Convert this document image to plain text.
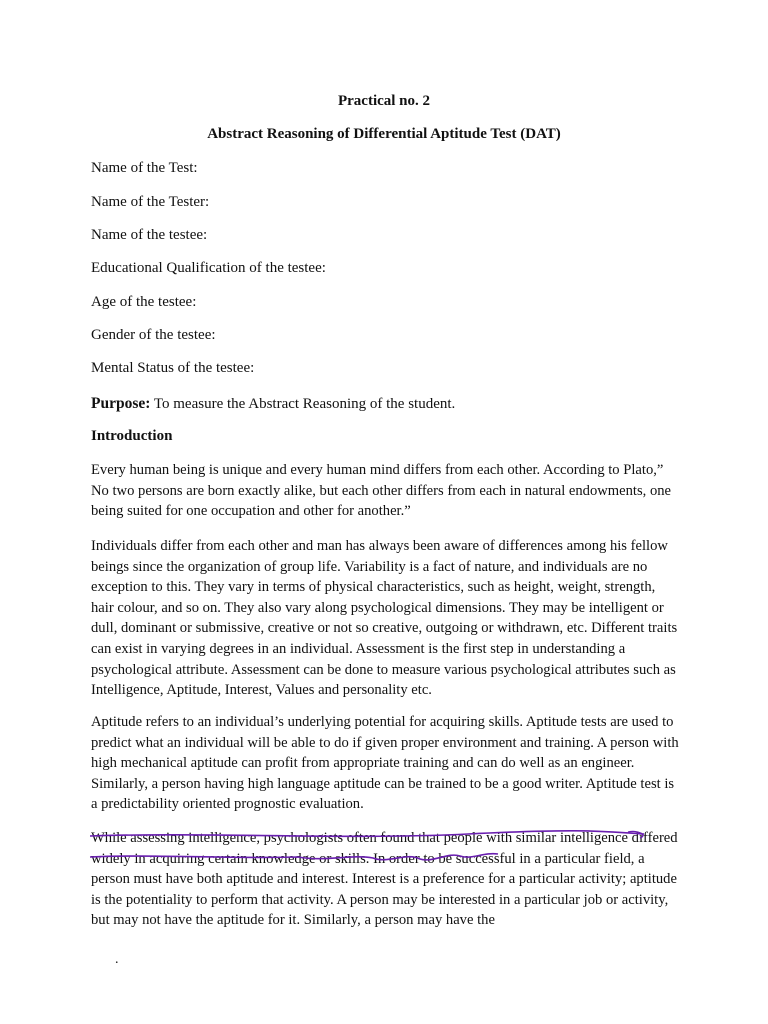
Practical no. 2

Abstract Reasoning of Differential Aptitude Test (DAT)

Name of the Test:

Name of the Tester:

Name of the testee:

Educational Qualification of the testee:

Age of the testee:

Gender of the testee:

Mental Status of the testee:

Purpose: To measure the Abstract Reasoning of the student.

Introduction

Every human being is unique and every human mind differs from each other. According to Plato,” No two persons are born exactly alike, but each other differs from each in natural endowments, one being suited for one occupation and other for another.”

Individuals differ from each other and man has always been aware of differences among his fellow beings since the organization of group life. Variability is a fact of nature, and individuals are no exception to this. They vary in terms of physical characteristics, such as height, weight, strength, hair colour, and so on. They also vary along psychological dimensions. They may be intelligent or dull, dominant or submissive, creative or not so creative, outgoing or withdrawn, etc. Different traits can exist in varying degrees in an individual. Assessment is the first step in understanding a psychological attribute. Assessment can be done to measure various psychological attributes such as Intelligence, Aptitude, Interest, Values and personality etc.

Aptitude refers to an individual’s underlying potential for acquiring skills. Aptitude tests are used to predict what an individual will be able to do if given proper environment and training. A person with high mechanical aptitude can profit from appropriate training and can do well as an engineer. Similarly, a person having high language aptitude can be trained to be a good writer. Aptitude test is a predictability oriented prognostic evaluation.

While assessing intelligence, psychologists often found that people with similar intelligence differed widely in acquiring certain knowledge or skills. In order to be successful in a particular field, a person must have both aptitude and interest. Interest is a preference for a particular activity; aptitude is the potentiality to perform that activity. A person may be interested in a particular job or activity, but may not have the aptitude for it. Similarly, a person may have the

.
